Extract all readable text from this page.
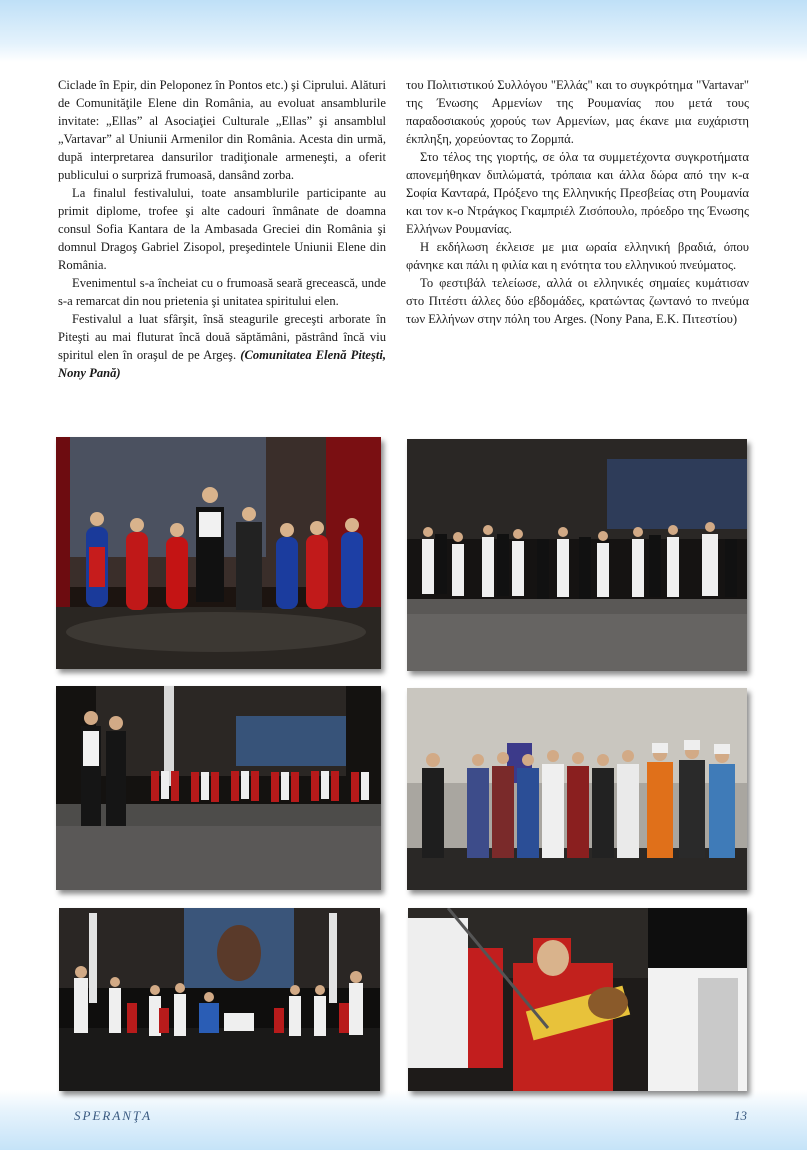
Ciclade în Epir, din Peloponez în Pontos etc.) şi Ciprului. Alături de Comunităţile Elene din România, au evoluat ansamblurile invitate: „Ellas” al Asociaţiei Culturale „Ellas” şi ansamblul „Vartavar” al Uniunii Armenilor din România. Acesta din urmă, după interpretarea dansurilor tradiţionale armeneşti, a oferit publicului o surpriză frumoasă, dansând zorba.

La finalul festivalului, toate ansamblurile participante au primit diplome, trofee şi alte cadouri înmânate de doamna consul Sofia Kantara de la Ambasada Greciei din România şi domnul Dragoş Gabriel Zisopol, preşedintele Uniunii Elene din România.

Evenimentul s-a încheiat cu o frumoasă seară grecească, unde s-a remarcat din nou prietenia şi unitatea spiritului elen.

Festivalul a luat sfârşit, însă steagurile greceşti arborate în Piteşti au mai fluturat încă două săptămâni, păstrând încă viu spiritul elen în oraşul de pe Argeş. (Comunitatea Elenă Piteşti, Nony Pană)

του Πολιτιστικού Συλλόγου "Ελλάς" και το συγκρότημα "Vartavar" της Ένωσης Αρμενίων της Ρουμανίας που μετά τους παραδοσιακούς χορούς των Αρμενίων, μας έκανε μια ευχάριστη έκπληξη, χορεύοντας το Ζορμπά.

Στο τέλος της γιορτής, σε όλα τα συμμετέχοντα συγκροτήματα απονεμήθηκαν διπλώματά, τρόπαια και άλλα δώρα από την κ-α Σοφία Κανταρά, Πρόξενο της Ελληνικής Πρεσβείας στη Ρουμανία και τον κ-ο Ντράγκος Γκαμπριέλ Ζισόπουλο, πρόεδρο της Ένωσης Ελλήνων Ρουμανίας.

Η εκδήλωση έκλεισε με μια ωραία ελληνική βραδιά, όπου φάνηκε και πάλι η φιλία και η ενότητα του ελληνικού πνεύματος.

Το φεστιβάλ τελείωσε, αλλά οι ελληνικές σημαίες κυμάτισαν στο Πιτέστι άλλες δύο εβδομάδες, κρατώντας ζωντανό το πνεύμα των Ελλήνων στην πόλη του Arges. (Nony Pana, Ε.Κ. Πιτεστίου)

SPERANŢA	13
